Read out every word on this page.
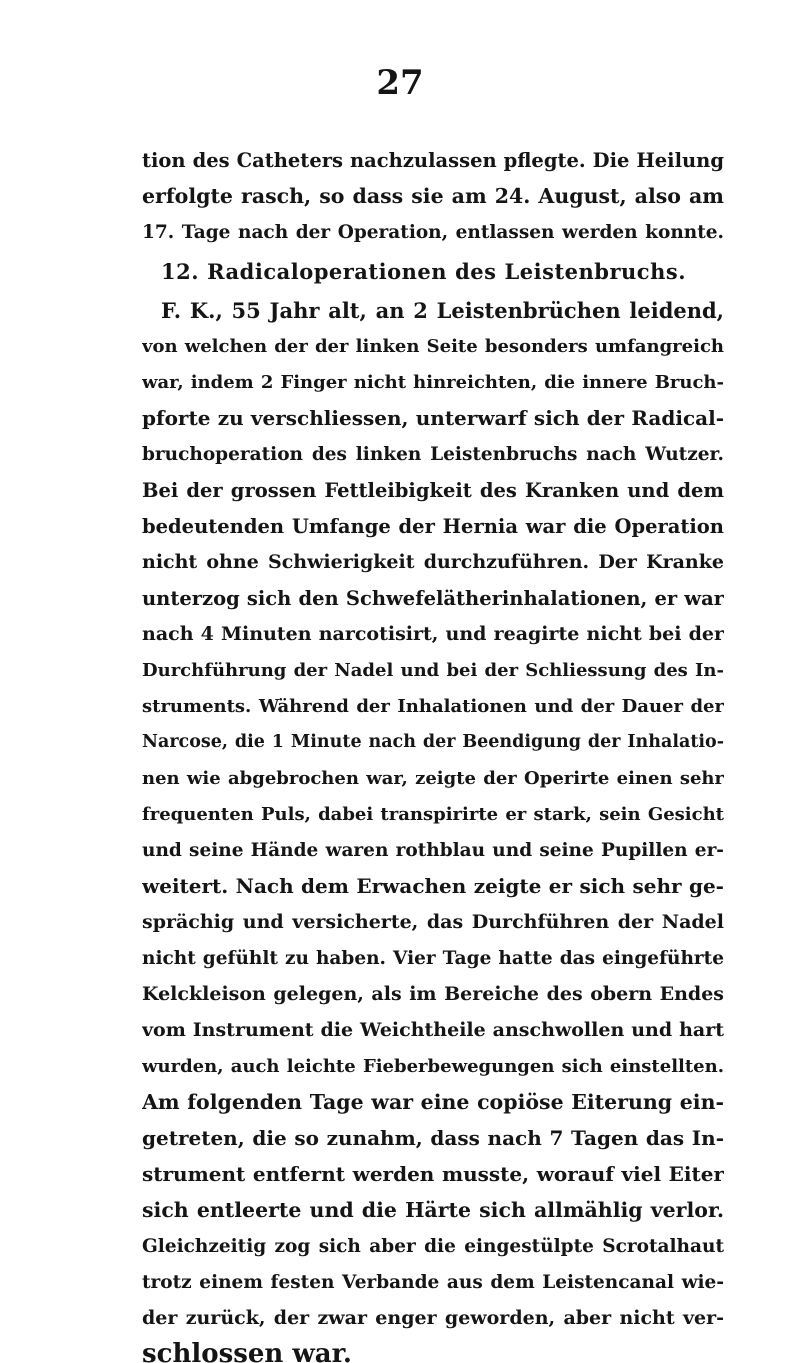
27
tion des Catheters nachzulassen pflegte. Die Heilung
erfolgte rasch, so dass sie am 24. August, also am
17. Tage nach der Operation, entlassen werden konnte.
12. Radicaloperationen des Leistenbruchs.
F. K., 55 Jahr alt, an 2 Leistenbrüchen leidend,
von welchen der der linken Seite besonders umfangreich
war, indem 2 Finger nicht hinreichten, die innere Bruch-
pforte zu verschliessen, unterwarf sich der Radical-
bruchoperation des linken Leistenbruchs nach Wutzer.
Bei der grossen Fettleibigkeit des Kranken und dem
bedeutenden Umfange der Hernia war die Operation
nicht ohne Schwierigkeit durchzuführen. Der Kranke
unterzog sich den Schwefelätherinhalationen, er war
nach 4 Minuten narcotisirt, und reagirte nicht bei der
Durchführung der Nadel und bei der Schliessung des In-
struments. Während der Inhalationen und der Dauer der
Narcose, die 1 Minute nach der Beendigung der Inhalatio-
nen wie abgebrochen war, zeigte der Operirte einen sehr
frequenten Puls, dabei transpirirte er stark, sein Gesicht
und seine Hände waren rothblau und seine Pupillen er-
weitert. Nach dem Erwachen zeigte er sich sehr ge-
sprächig und versicherte, das Durchführen der Nadel
nicht gefühlt zu haben. Vier Tage hatte das eingeführte
Kelckleison gelegen, als im Bereiche des obern Endes
vom Instrument die Weichtheile anschwollen und hart
wurden, auch leichte Fieberbewegungen sich einstellten.
Am folgenden Tage war eine copiöse Eiterung ein-
getreten, die so zunahm, dass nach 7 Tagen das In-
strument entfernt werden musste, worauf viel Eiter
sich entleerte und die Härte sich allmählig verlor.
Gleichzeitig zog sich aber die eingestülpte Scrotalhaut
trotz einem festen Verbande aus dem Leistencanal wie-
der zurück, der zwar enger geworden, aber nicht ver-
schlossen war.
